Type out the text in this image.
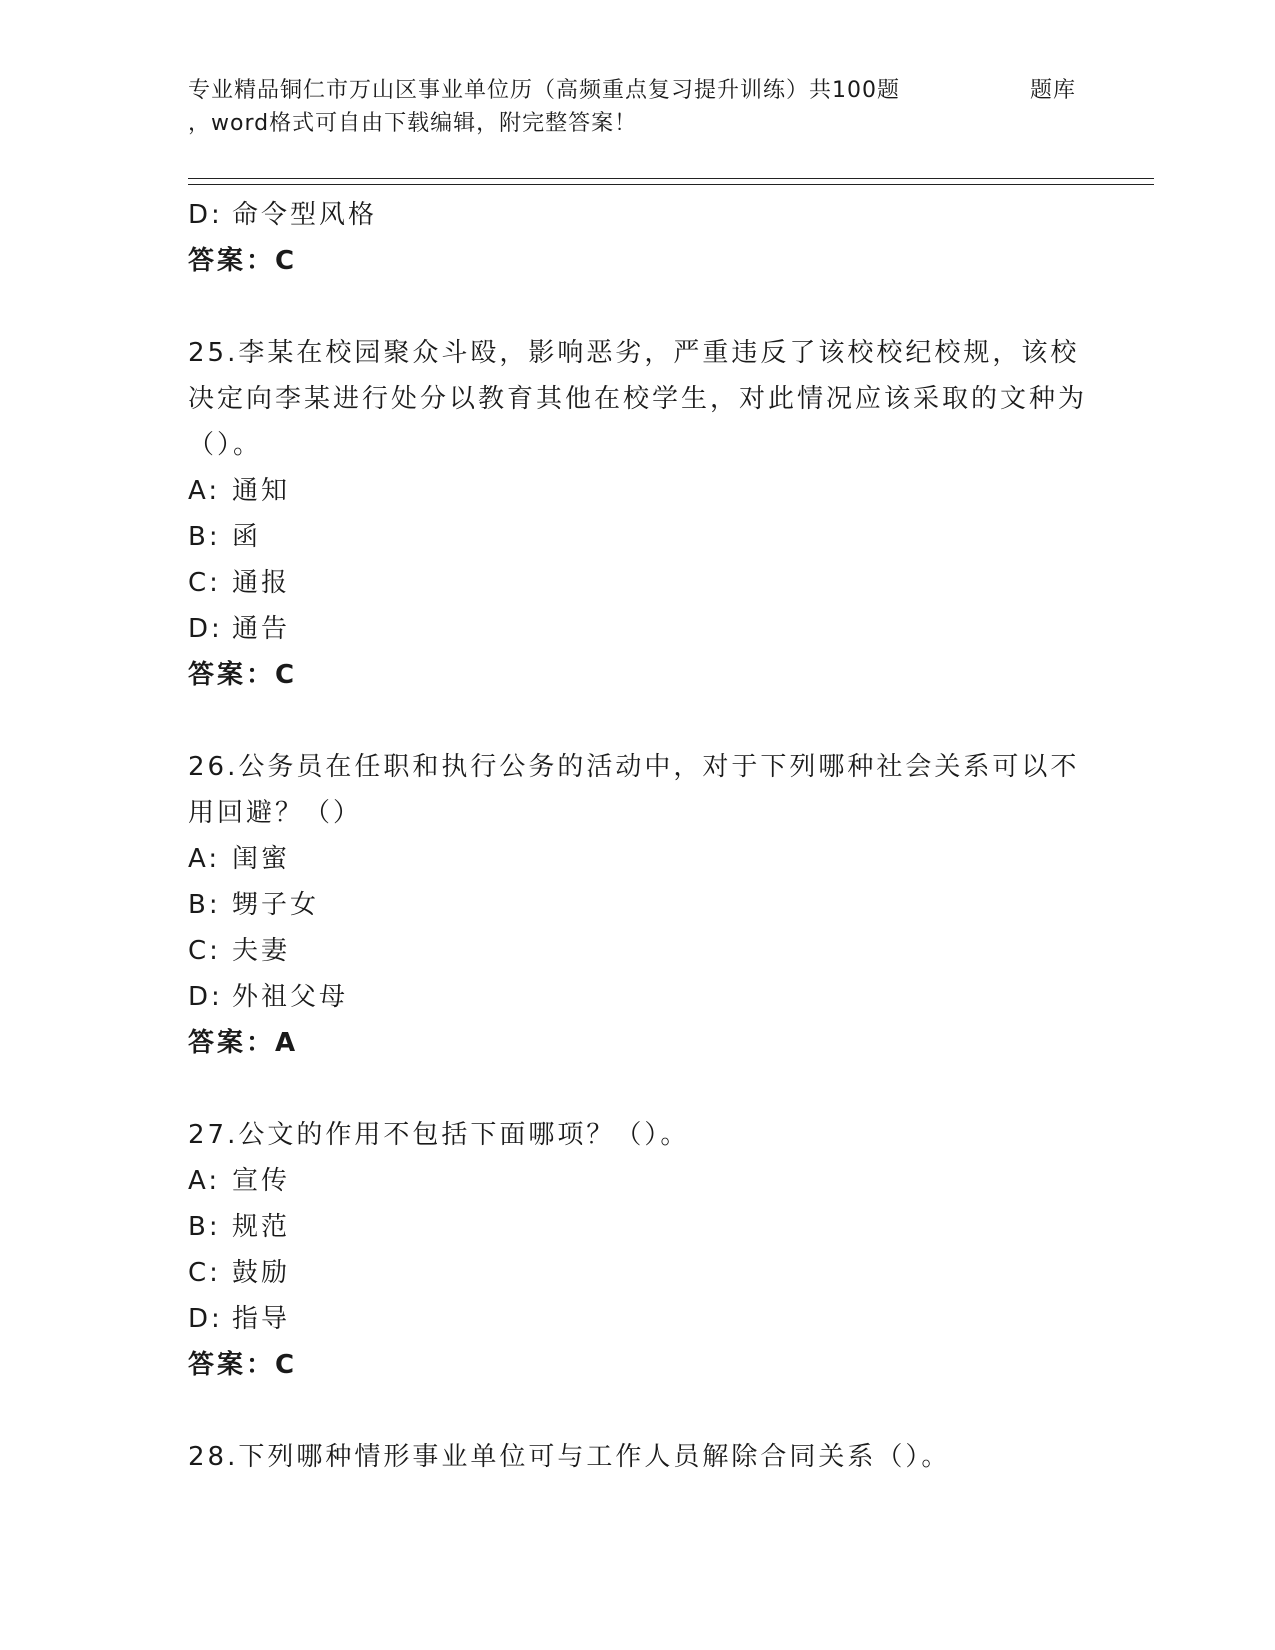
专业精品铜仁市万山区事业单位历（高频重点复习提升训练）共100题	题库
，word格式可自由下载编辑，附完整答案！
D: 命令型风格
答案：C
25.李某在校园聚众斗殴，影响恶劣，严重违反了该校校纪校规，该校决定向李某进行处分以教育其他在校学生，对此情况应该采取的文种为（）。
A: 通知
B: 函
C: 通报
D: 通告
答案：C
26.公务员在任职和执行公务的活动中，对于下列哪种社会关系可以不用回避？（）
A: 闺蜜
B: 甥子女
C: 夫妻
D: 外祖父母
答案：A
27.公文的作用不包括下面哪项？（）。
A: 宣传
B: 规范
C: 鼓励
D: 指导
答案：C
28.下列哪种情形事业单位可与工作人员解除合同关系（）。
